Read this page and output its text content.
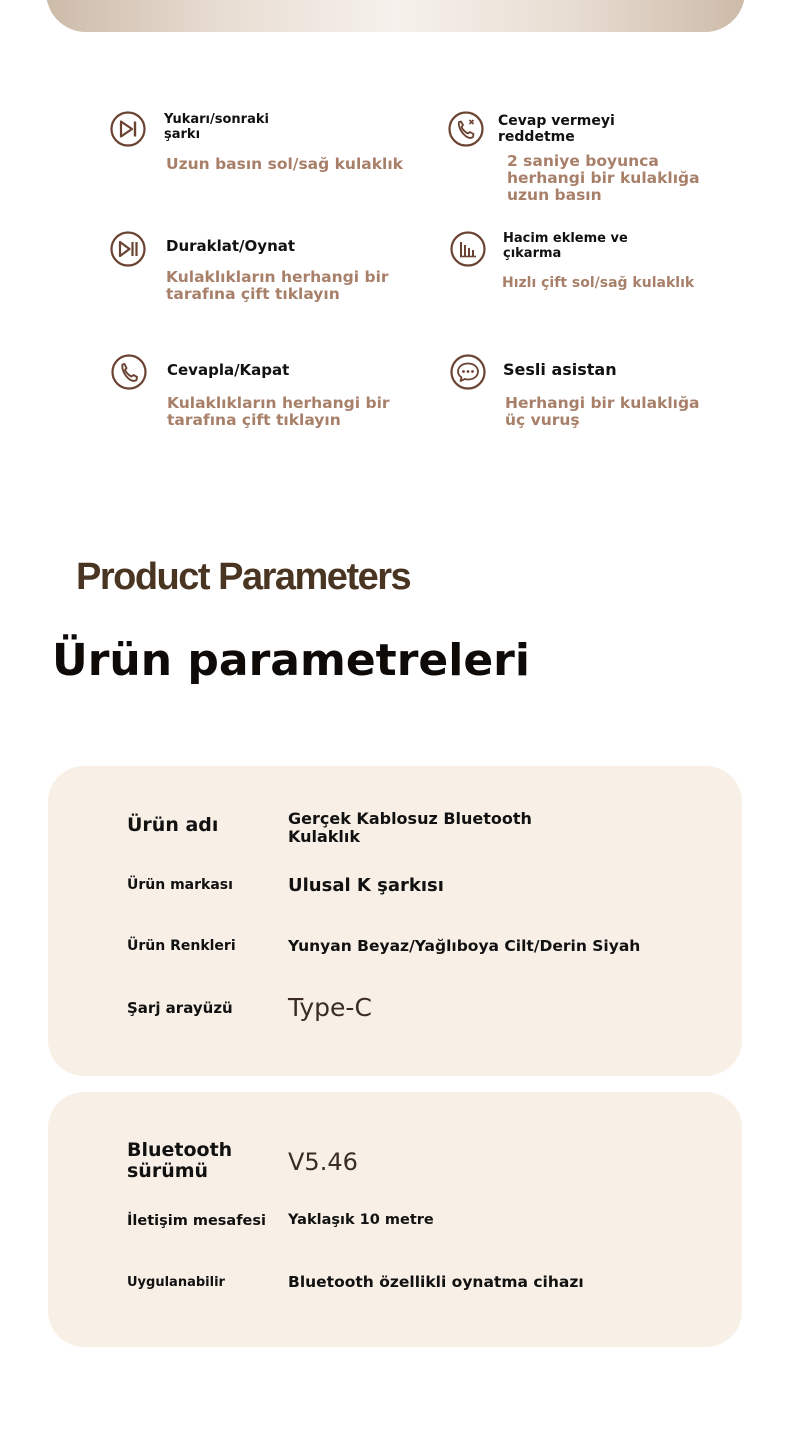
Yukarı/sonraki şarkı
Uzun basın sol/sağ kulaklık
Cevap vermeyi reddetme
2 saniye boyunca herhangi bir kulaklığa uzun basın
Duraklat/Oynat
Kulaklıkların herhangi bir tarafına çift tıklayın
Hacim ekleme ve çıkarma
Hızlı çift sol/sağ kulaklık
Cevapla/Kapat
Kulaklıkların herhangi bir tarafına çift tıklayın
Sesli asistan
Herhangi bir kulaklığa üç vuruş
Product Parameters
Ürün parametreleri
Ürün adı	Gerçek Kablosuz Bluetooth Kulaklık
Ürün markası	Ulusal K şarkısı
Ürün Renkleri	Yunyan Beyaz/Yağlıboya Cilt/Derin Siyah
Şarj arayüzü Type-C
Bluetooth sürümü	V5.46
İletişim mesafesi Yaklaşık 10 metre
Uygulanabilir	Bluetooth özellikli oynatma cihazı
